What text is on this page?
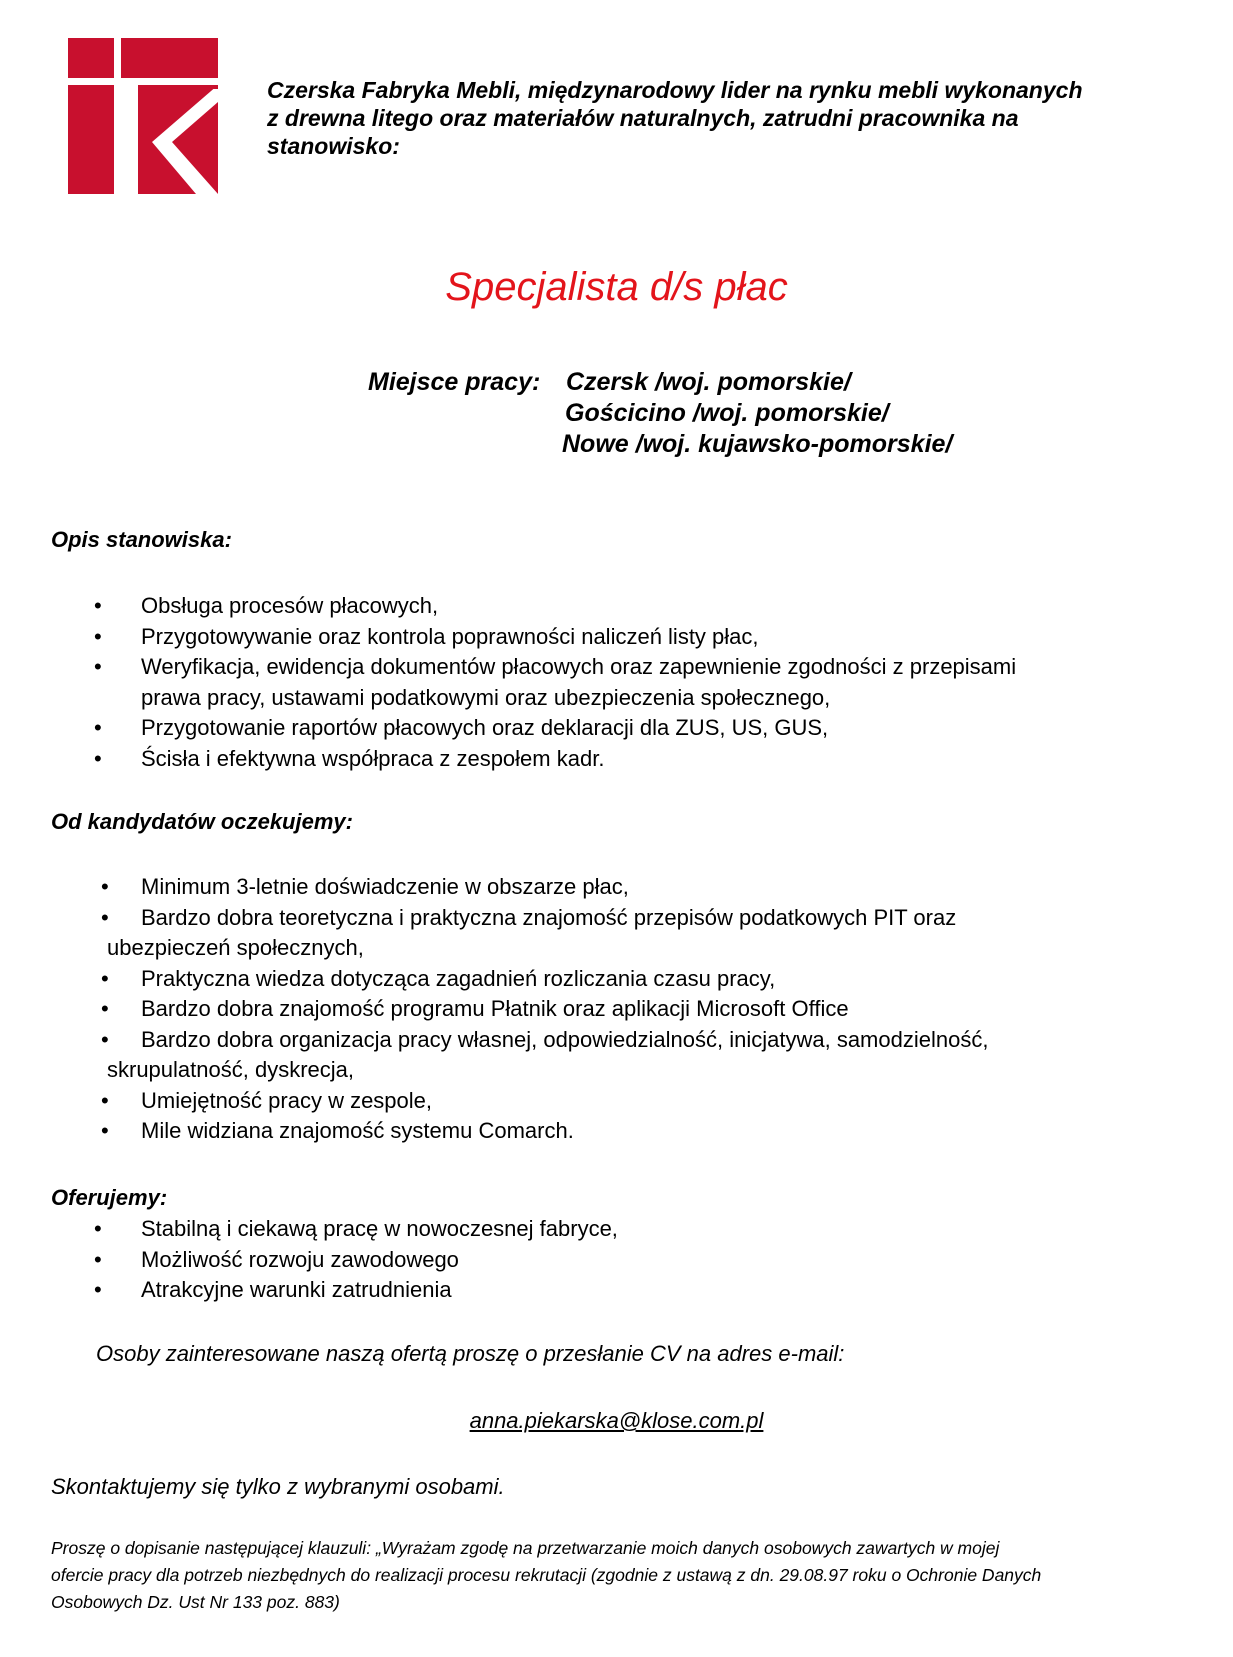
Czerska Fabryka Mebli, międzynarodowy lider na rynku mebli wykonanych
z drewna litego oraz materiałów naturalnych, zatrudni pracownika na
stanowisko:
Specjalista d/s płac
Miejsce pracy: Czersk /woj. pomorskie/
Gościcino /woj. pomorskie/
Nowe /woj. kujawsko-pomorskie/
Opis stanowiska:
•	Obsługa procesów płacowych,
•	Przygotowywanie oraz kontrola poprawności naliczeń listy płac,
•	Weryfikacja, ewidencja dokumentów płacowych oraz zapewnienie zgodności z przepisami
prawa pracy, ustawami podatkowymi oraz ubezpieczenia społecznego,
•	Przygotowanie raportów płacowych oraz deklaracji dla ZUS, US, GUS,
•	Ścisła i efektywna współpraca z zespołem kadr.
Od kandydatów oczekujemy:
•	Minimum 3-letnie doświadczenie w obszarze płac,
•	Bardzo dobra teoretyczna i praktyczna znajomość przepisów podatkowych PIT oraz
ubezpieczeń społecznych,
•	Praktyczna wiedza dotycząca zagadnień rozliczania czasu pracy,
•	Bardzo dobra znajomość programu Płatnik oraz aplikacji Microsoft Office
•	Bardzo dobra organizacja pracy własnej, odpowiedzialność, inicjatywa, samodzielność,
skrupulatność, dyskrecja,
•	Umiejętność pracy w zespole,
•	Mile widziana znajomość systemu Comarch.
Oferujemy:
•	Stabilną i ciekawą pracę w nowoczesnej fabryce,
•	Możliwość rozwoju zawodowego
•	Atrakcyjne warunki zatrudnienia
Osoby zainteresowane naszą ofertą proszę o przesłanie CV na adres e-mail:
anna.piekarska@klose.com.pl
Skontaktujemy się tylko z wybranymi osobami.
Proszę o dopisanie następującej klauzuli: „Wyrażam zgodę na przetwarzanie moich danych osobowych zawartych w mojej
ofercie pracy dla potrzeb niezbędnych do realizacji procesu rekrutacji (zgodnie z ustawą z dn. 29.08.97 roku o Ochronie Danych
Osobowych Dz. Ust Nr 133 poz. 883)
